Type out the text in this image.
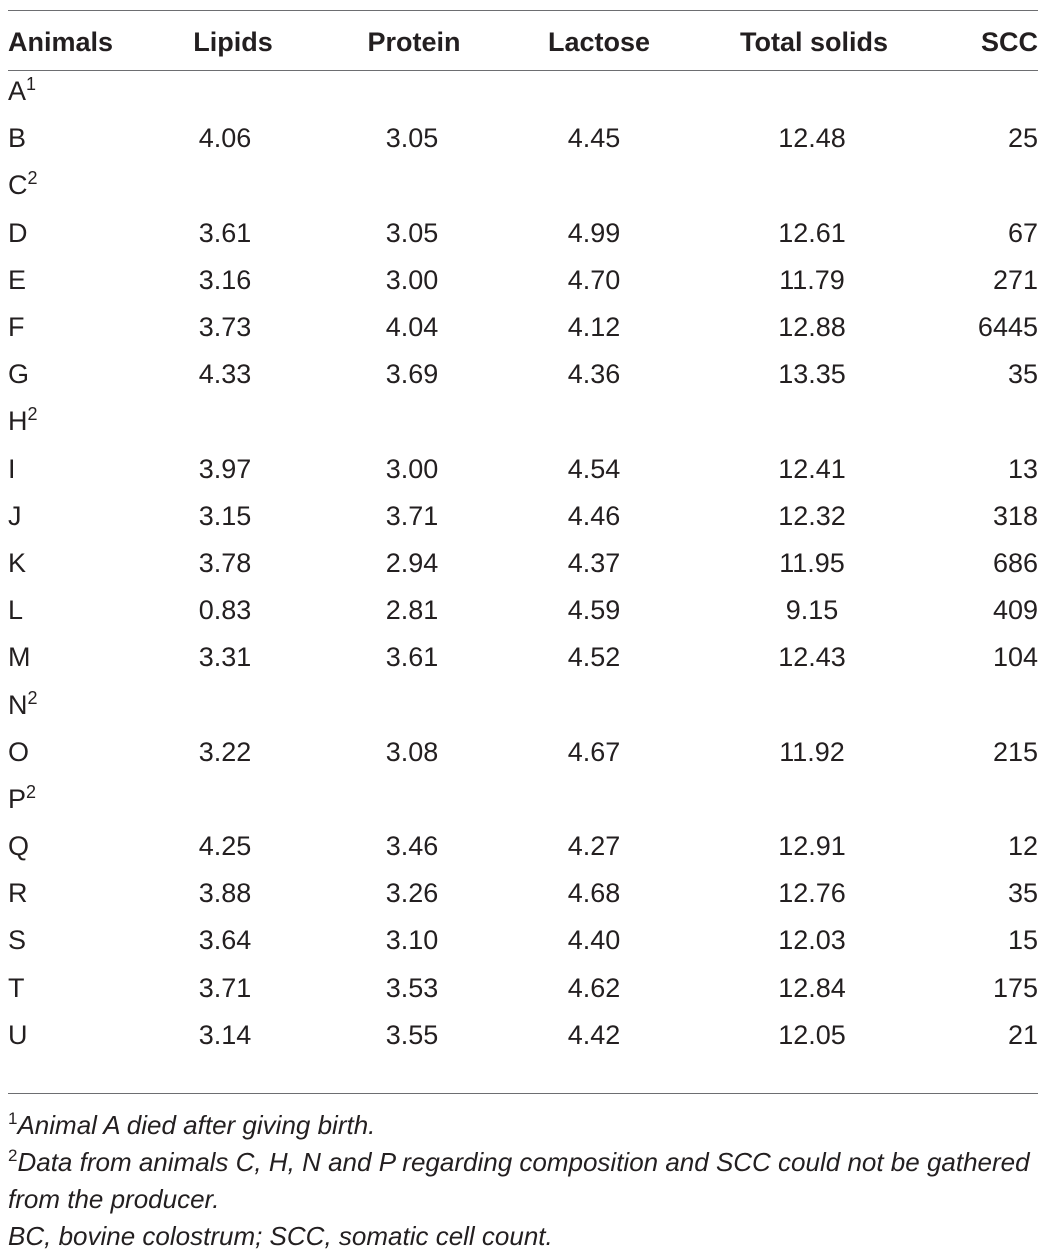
Animals	Lipids	Protein	Lactose	Total solids	SCC
$A^1$					
B	4.06	3.05	4.45	12.48	25
$C^2$					
D	3.61	3.05	4.99	12.61	67
E	3.16	3.00	4.70	11.79	271
F	3.73	4.04	4.12	12.88	6445
G	4.33	3.69	4.36	13.35	35
$H^2$					
I	3.97	3.00	4.54	12.41	13
J	3.15	3.71	4.46	12.32	318
K	3.78	2.94	4.37	11.95	686
L	0.83	2.81	4.59	9.15	409
M	3.31	3.61	4.52	12.43	104
$N^2$					
O	3.22	3.08	4.67	11.92	215
$P^2$					
Q	4.25	3.46	4.27	12.91	12
R	3.88	3.26	4.68	12.76	35
S	3.64	3.10	4.40	12.03	15
T	3.71	3.53	4.62	12.84	175
U	3.14	3.55	4.42	12.05	21

$^1$Animal A died after giving birth.

$^2$Data from animals C, H, N and P regarding composition and SCC could not be gathered from the producer.

BC, bovine colostrum; SCC, somatic cell count.
